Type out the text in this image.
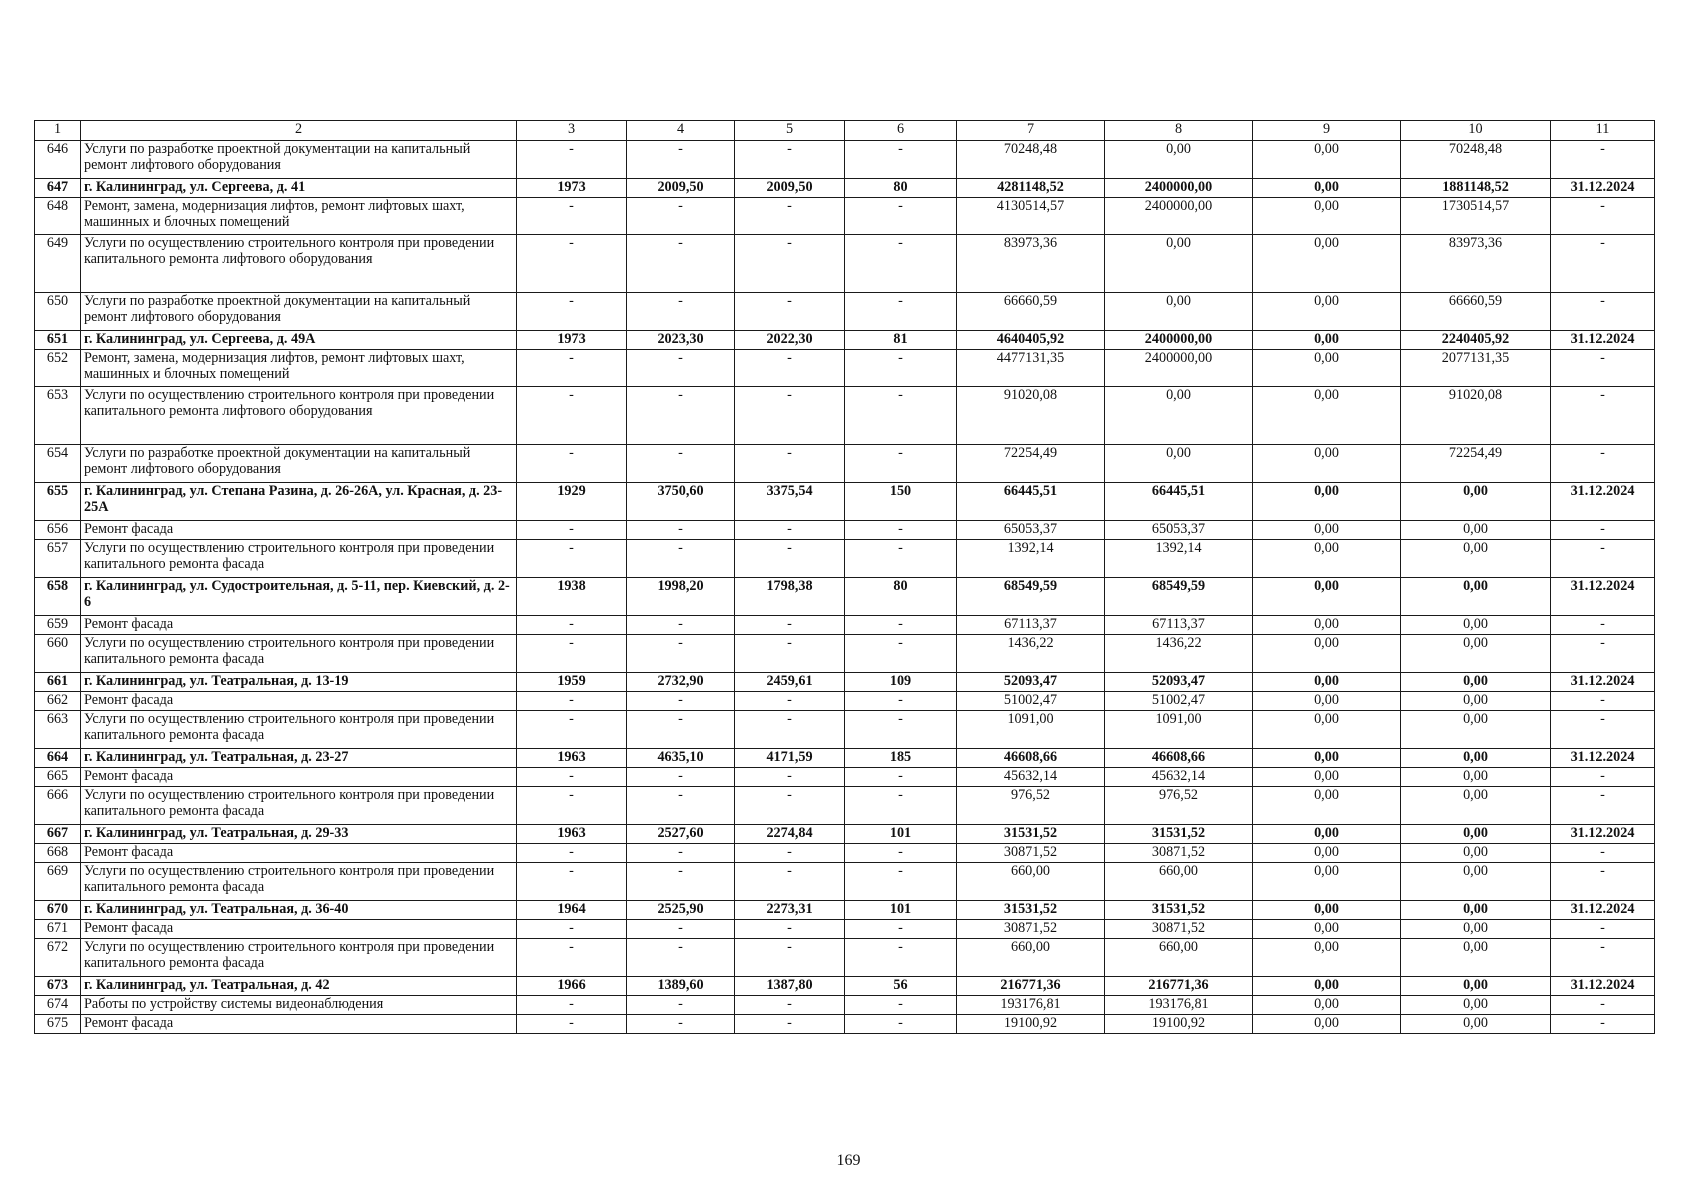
1	2	3	4	5	6	7	8	9	10	11
646	Услуги по разработке проектной документации на капитальный ремонт лифтового оборудования	-	-	-	-	70248,48	0,00	0,00	70248,48	-
647	г. Калининград, ул. Сергеева, д. 41	1973	2009,50	2009,50	80	4281148,52	2400000,00	0,00	1881148,52	31.12.2024
648	Ремонт, замена, модернизация лифтов, ремонт лифтовых шахт, машинных и блочных помещений	-	-	-	-	4130514,57	2400000,00	0,00	1730514,57	-
649	Услуги по осуществлению строительного контроля при проведении капитального ремонта лифтового оборудования	-	-	-	-	83973,36	0,00	0,00	83973,36	-
650	Услуги по разработке проектной документации на капитальный ремонт лифтового оборудования	-	-	-	-	66660,59	0,00	0,00	66660,59	-
651	г. Калининград, ул. Сергеева, д. 49А	1973	2023,30	2022,30	81	4640405,92	2400000,00	0,00	2240405,92	31.12.2024
652	Ремонт, замена, модернизация лифтов, ремонт лифтовых шахт, машинных и блочных помещений	-	-	-	-	4477131,35	2400000,00	0,00	2077131,35	-
653	Услуги по осуществлению строительного контроля при проведении капитального ремонта лифтового оборудования	-	-	-	-	91020,08	0,00	0,00	91020,08	-
654	Услуги по разработке проектной документации на капитальный ремонт лифтового оборудования	-	-	-	-	72254,49	0,00	0,00	72254,49	-
655	г. Калининград, ул. Степана Разина, д. 26-26А, ул. Красная, д. 23-25А	1929	3750,60	3375,54	150	66445,51	66445,51	0,00	0,00	31.12.2024
656	Ремонт фасада	-	-	-	-	65053,37	65053,37	0,00	0,00	-
657	Услуги по осуществлению строительного контроля при проведении капитального ремонта фасада	-	-	-	-	1392,14	1392,14	0,00	0,00	-
658	г. Калининград, ул. Судостроительная, д. 5-11, пер. Киевский, д. 2-6	1938	1998,20	1798,38	80	68549,59	68549,59	0,00	0,00	31.12.2024
659	Ремонт фасада	-	-	-	-	67113,37	67113,37	0,00	0,00	-
660	Услуги по осуществлению строительного контроля при проведении капитального ремонта фасада	-	-	-	-	1436,22	1436,22	0,00	0,00	-
661	г. Калининград, ул. Театральная, д. 13-19	1959	2732,90	2459,61	109	52093,47	52093,47	0,00	0,00	31.12.2024
662	Ремонт фасада	-	-	-	-	51002,47	51002,47	0,00	0,00	-
663	Услуги по осуществлению строительного контроля при проведении капитального ремонта фасада	-	-	-	-	1091,00	1091,00	0,00	0,00	-
664	г. Калининград, ул. Театральная, д. 23-27	1963	4635,10	4171,59	185	46608,66	46608,66	0,00	0,00	31.12.2024
665	Ремонт фасада	-	-	-	-	45632,14	45632,14	0,00	0,00	-
666	Услуги по осуществлению строительного контроля при проведении капитального ремонта фасада	-	-	-	-	976,52	976,52	0,00	0,00	-
667	г. Калининград, ул. Театральная, д. 29-33	1963	2527,60	2274,84	101	31531,52	31531,52	0,00	0,00	31.12.2024
668	Ремонт фасада	-	-	-	-	30871,52	30871,52	0,00	0,00	-
669	Услуги по осуществлению строительного контроля при проведении капитального ремонта фасада	-	-	-	-	660,00	660,00	0,00	0,00	-
670	г. Калининград, ул. Театральная, д. 36-40	1964	2525,90	2273,31	101	31531,52	31531,52	0,00	0,00	31.12.2024
671	Ремонт фасада	-	-	-	-	30871,52	30871,52	0,00	0,00	-
672	Услуги по осуществлению строительного контроля при проведении капитального ремонта фасада	-	-	-	-	660,00	660,00	0,00	0,00	-
673	г. Калининград, ул. Театральная, д. 42	1966	1389,60	1387,80	56	216771,36	216771,36	0,00	0,00	31.12.2024
674	Работы по устройству системы видеонаблюдения	-	-	-	-	193176,81	193176,81	0,00	0,00	-
675	Ремонт фасада	-	-	-	-	19100,92	19100,92	0,00	0,00	-
169
